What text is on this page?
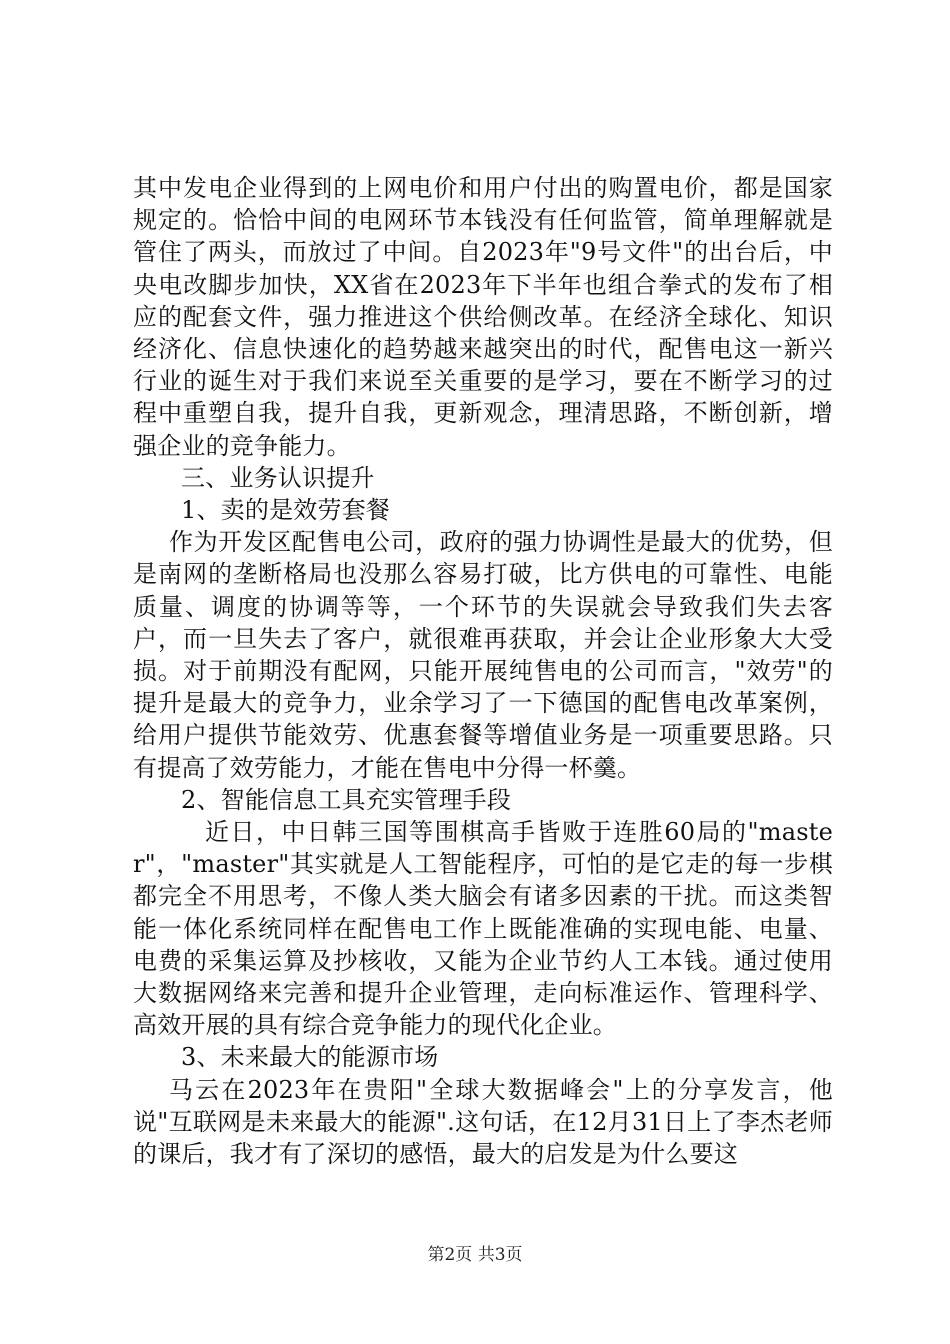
其中发电企业得到的上网电价和用户付出的购置电价，都是国家规定的。恰恰中间的电网环节本钱没有任何监管，简单理解就是管住了两头，而放过了中间。自2023年"9号文件"的出台后，中央电改脚步加快，XX省在2023年下半年也组合拳式的发布了相应的配套文件，强力推进这个供给侧改革。在经济全球化、知识经济化、信息快速化的趋势越来越突出的时代，配售电这一新兴行业的诞生对于我们来说至关重要的是学习，要在不断学习的过程中重塑自我，提升自我，更新观念，理清思路，不断创新，增强企业的竞争能力。

三、业务认识提升

1、卖的是效劳套餐

作为开发区配售电公司，政府的强力协调性是最大的优势，但是南网的垄断格局也没那么容易打破，比方供电的可靠性、电能质量、调度的协调等等，一个环节的失误就会导致我们失去客户，而一旦失去了客户，就很难再获取，并会让企业形象大大受损。对于前期没有配网，只能开展纯售电的公司而言，"效劳"的提升是最大的竞争力，业余学习了一下德国的配售电改革案例，给用户提供节能效劳、优惠套餐等增值业务是一项重要思路。只有提高了效劳能力，才能在售电中分得一杯羹。

2、智能信息工具充实管理手段

近日，中日韩三国等围棋高手皆败于连胜60局的"master"，"master"其实就是人工智能程序，可怕的是它走的每一步棋都完全不用思考，不像人类大脑会有诸多因素的干扰。而这类智能一体化系统同样在配售电工作上既能准确的实现电能、电量、电费的采集运算及抄核收，又能为企业节约人工本钱。通过使用大数据网络来完善和提升企业管理，走向标准运作、管理科学、高效开展的具有综合竞争能力的现代化企业。

3、未来最大的能源市场

马云在2023年在贵阳"全球大数据峰会"上的分享发言，他说"互联网是未来最大的能源".这句话，在12月31日上了李杰老师的课后，我才有了深切的感悟，最大的启发是为什么要这

第2页 共3页
